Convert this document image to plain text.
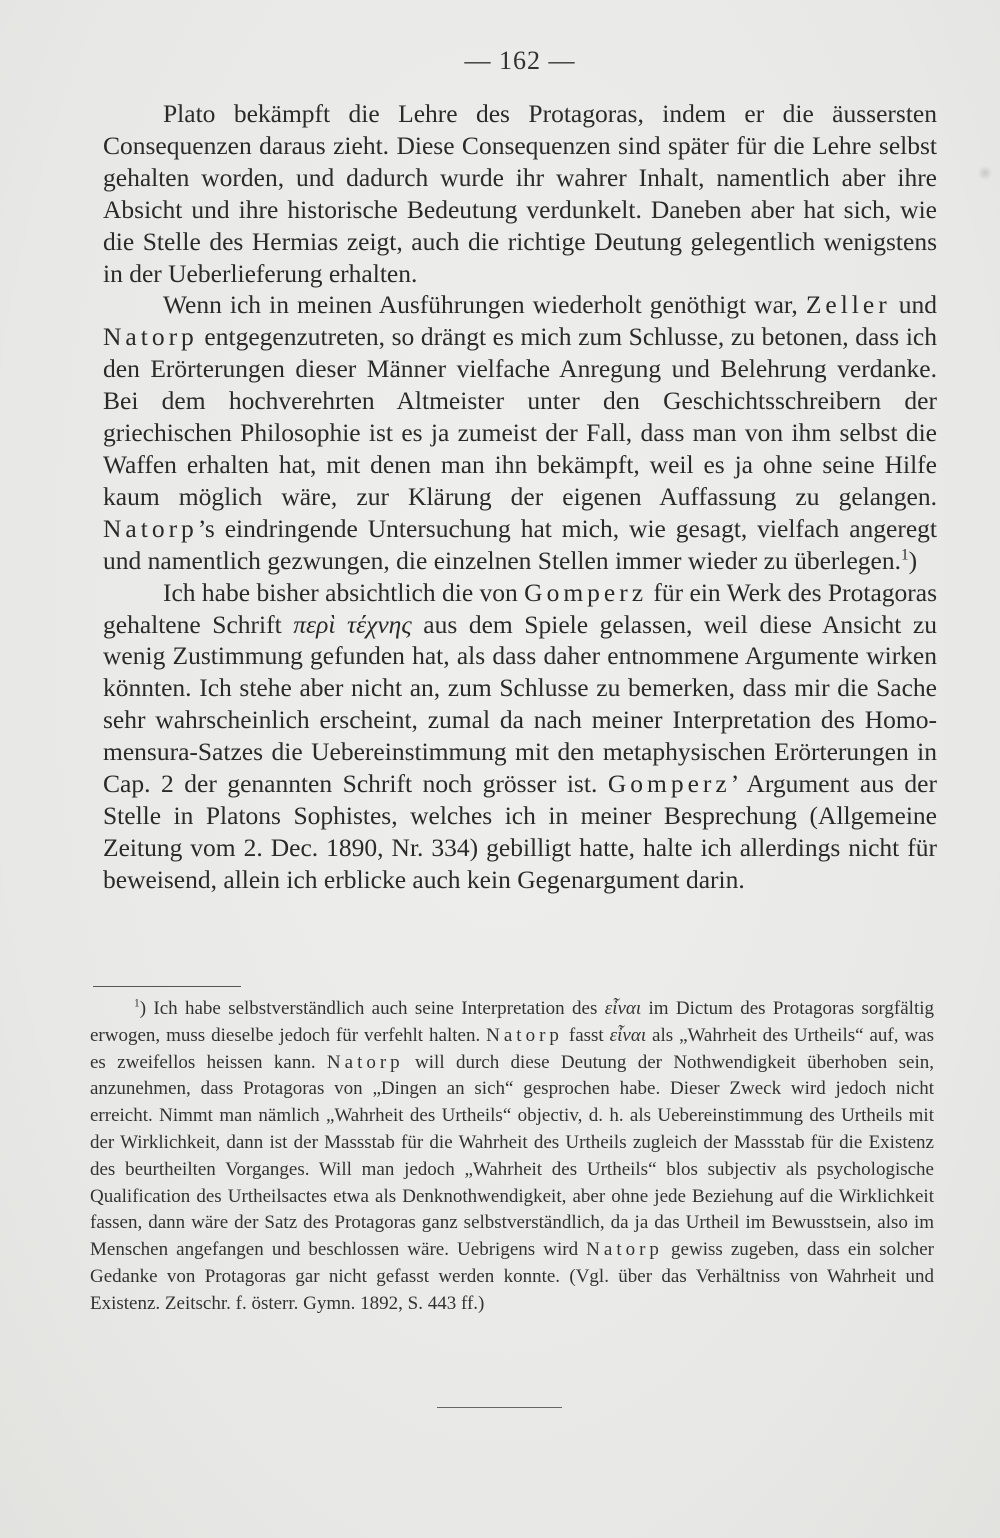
— 162 —

Plato bekämpft die Lehre des Protagoras, indem er die äussersten Consequenzen daraus zieht. Diese Consequenzen sind später für die Lehre selbst gehalten worden, und dadurch wurde ihr wahrer Inhalt, namentlich aber ihre Absicht und ihre historische Bedeutung verdunkelt. Daneben aber hat sich, wie die Stelle des Hermias zeigt, auch die richtige Deutung gelegentlich wenigstens in der Ueberlieferung erhalten.

Wenn ich in meinen Ausführungen wiederholt genöthigt war, Zeller und Natorp entgegenzutreten, so drängt es mich zum Schlusse, zu betonen, dass ich den Erörterungen dieser Männer vielfache Anregung und Belehrung verdanke. Bei dem hochverehrten Altmeister unter den Geschichtsschreibern der griechischen Philosophie ist es ja zumeist der Fall, dass man von ihm selbst die Waffen erhalten hat, mit denen man ihn bekämpft, weil es ja ohne seine Hilfe kaum möglich wäre, zur Klärung der eigenen Auffassung zu gelangen. Natorp’s eindringende Untersuchung hat mich, wie gesagt, vielfach angeregt und namentlich gezwungen, die einzelnen Stellen immer wieder zu überlegen.$^1$)

Ich habe bisher absichtlich die von Gomperz für ein Werk des Protagoras gehaltene Schrift περὶ τέχνης aus dem Spiele gelassen, weil diese Ansicht zu wenig Zustimmung gefunden hat, als dass daher entnommene Argumente wirken könnten. Ich stehe aber nicht an, zum Schlusse zu bemerken, dass mir die Sache sehr wahrscheinlich erscheint, zumal da nach meiner Interpretation des Homo-mensura-Satzes die Uebereinstimmung mit den metaphysischen Erörterungen in Cap. 2 der genannten Schrift noch grösser ist. Gomperz’ Argument aus der Stelle in Platons Sophistes, welches ich in meiner Besprechung (Allgemeine Zeitung vom 2. Dec. 1890, Nr. 334) gebilligt hatte, halte ich allerdings nicht für beweisend, allein ich erblicke auch kein Gegenargument darin.

$^1$) Ich habe selbstverständlich auch seine Interpretation des εἶναι im Dictum des Protagoras sorgfältig erwogen, muss dieselbe jedoch für verfehlt halten. Natorp fasst εἶναι als „Wahrheit des Urtheils“ auf, was es zweifellos heissen kann. Natorp will durch diese Deutung der Nothwendigkeit überhoben sein, anzunehmen, dass Protagoras von „Dingen an sich“ gesprochen habe. Dieser Zweck wird jedoch nicht erreicht. Nimmt man nämlich „Wahrheit des Urtheils“ objectiv, d. h. als Uebereinstimmung des Urtheils mit der Wirklichkeit, dann ist der Massstab für die Wahrheit des Urtheils zugleich der Massstab für die Existenz des beurtheilten Vorganges. Will man jedoch „Wahrheit des Urtheils“ blos subjectiv als psychologische Qualification des Urtheilsactes etwa als Denknothwendigkeit, aber ohne jede Beziehung auf die Wirklichkeit fassen, dann wäre der Satz des Protagoras ganz selbstverständlich, da ja das Urtheil im Bewusstsein, also im Menschen angefangen und beschlossen wäre. Uebrigens wird Natorp gewiss zugeben, dass ein solcher Gedanke von Protagoras gar nicht gefasst werden konnte. (Vgl. über das Verhältniss von Wahrheit und Existenz. Zeitschr. f. österr. Gymn. 1892, S. 443 ff.)
